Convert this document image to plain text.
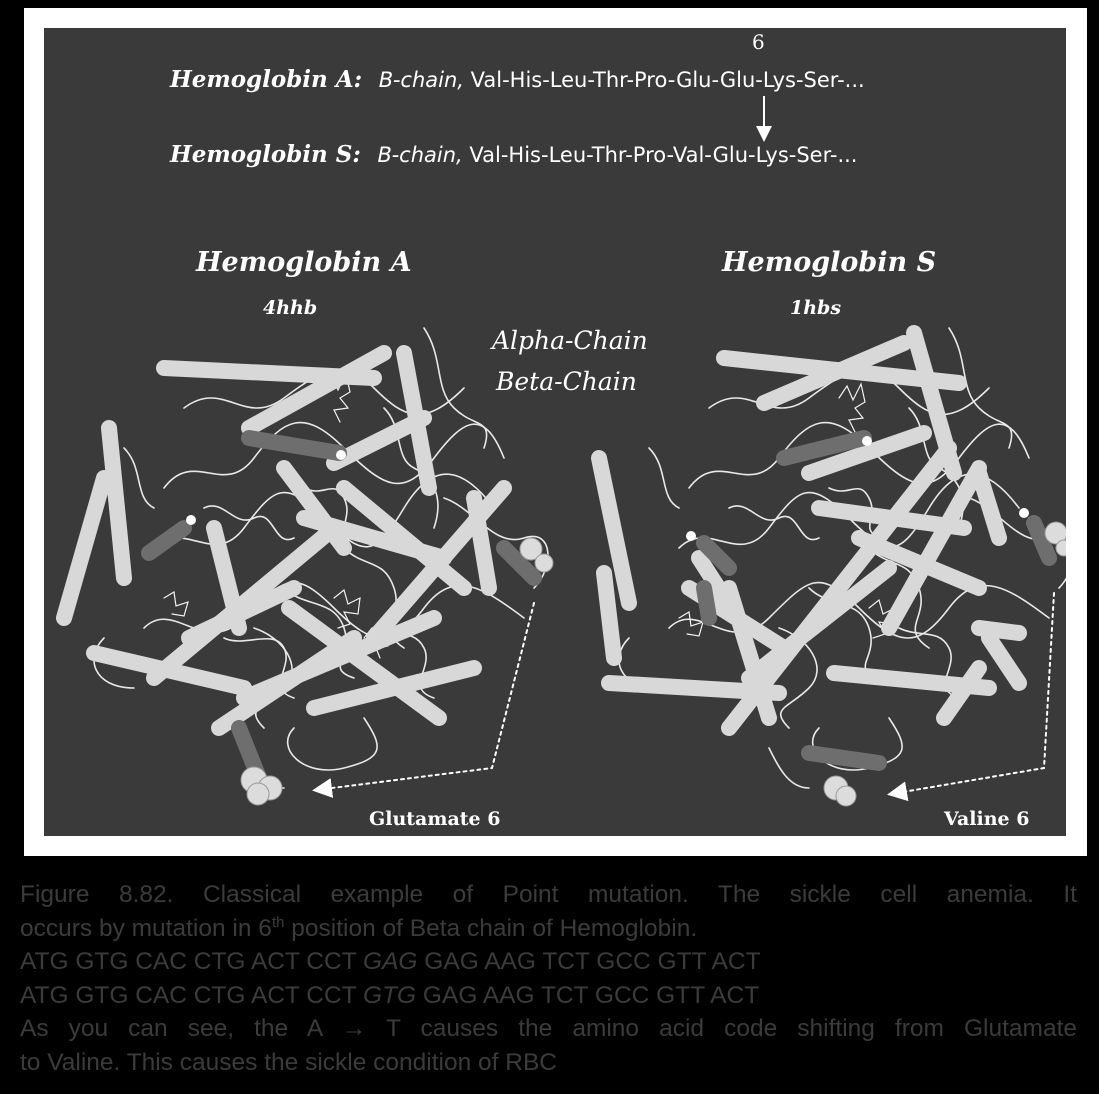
6
Hemoglobin A: B-chain, Val-His-Leu-Thr-Pro-Glu-Glu-Lys-Ser-...
Hemoglobin S: B-chain, Val-His-Leu-Thr-Pro-Val-Glu-Lys-Ser-...
Hemoglobin A
4hhb
Hemoglobin S
1hbs
Alpha-Chain
Beta-Chain
Glutamate 6	Valine 6

Figure 8.82. Classical example of Point mutation. The sickle cell anemia. It

occurs by mutation in 6th position of Beta chain of Hemoglobin.

ATG GTG CAC CTG ACT CCT GAG GAG AAG TCT GCC GTT ACT

ATG GTG CAC CTG ACT CCT GTG GAG AAG TCT GCC GTT ACT

As you can see, the A → T causes the amino acid code shifting from Glutamate

to Valine. This causes the sickle condition of RBC
